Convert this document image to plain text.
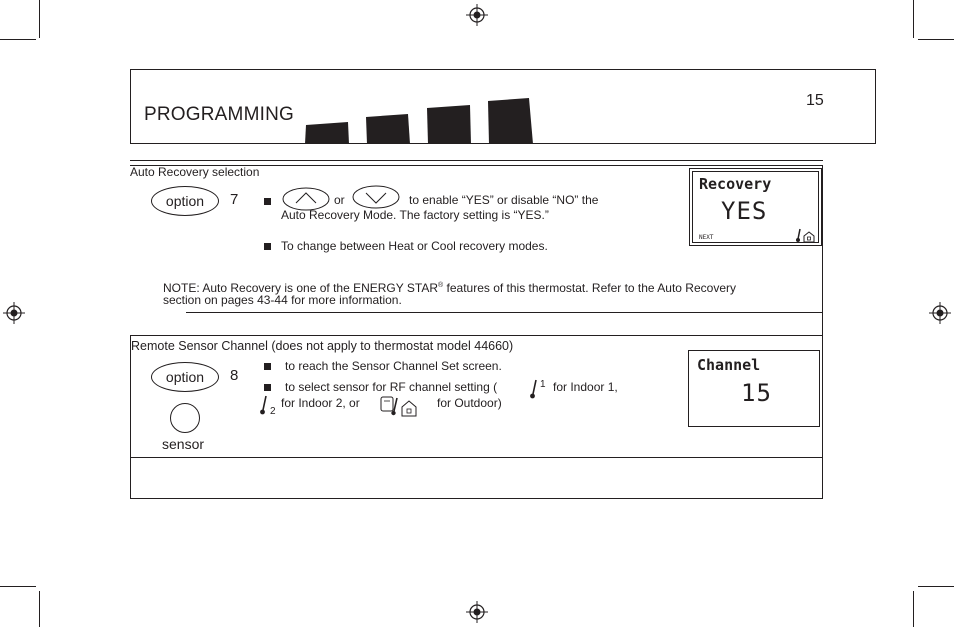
PROGRAMMING
15
Auto Recovery selection
option	7	or	to enable “YES” or disable “NO” the
Auto Recovery Mode. The factory setting is “YES.”
To change between Heat or Cool recovery modes.
NOTE: Auto Recovery is one of the ENERGY STAR® features of this thermostat. Refer to the Auto Recovery
section on pages 43-44 for more information.
Recovery
YES
NEXT
Remote Sensor Channel (does not apply to thermostat model 44660)
option	8
sensor
to reach the Sensor Channel Set screen.
to select sensor for RF channel setting (	1 for Indoor 1,
2
for Indoor 2, or	for Outdoor)
Channel
15
